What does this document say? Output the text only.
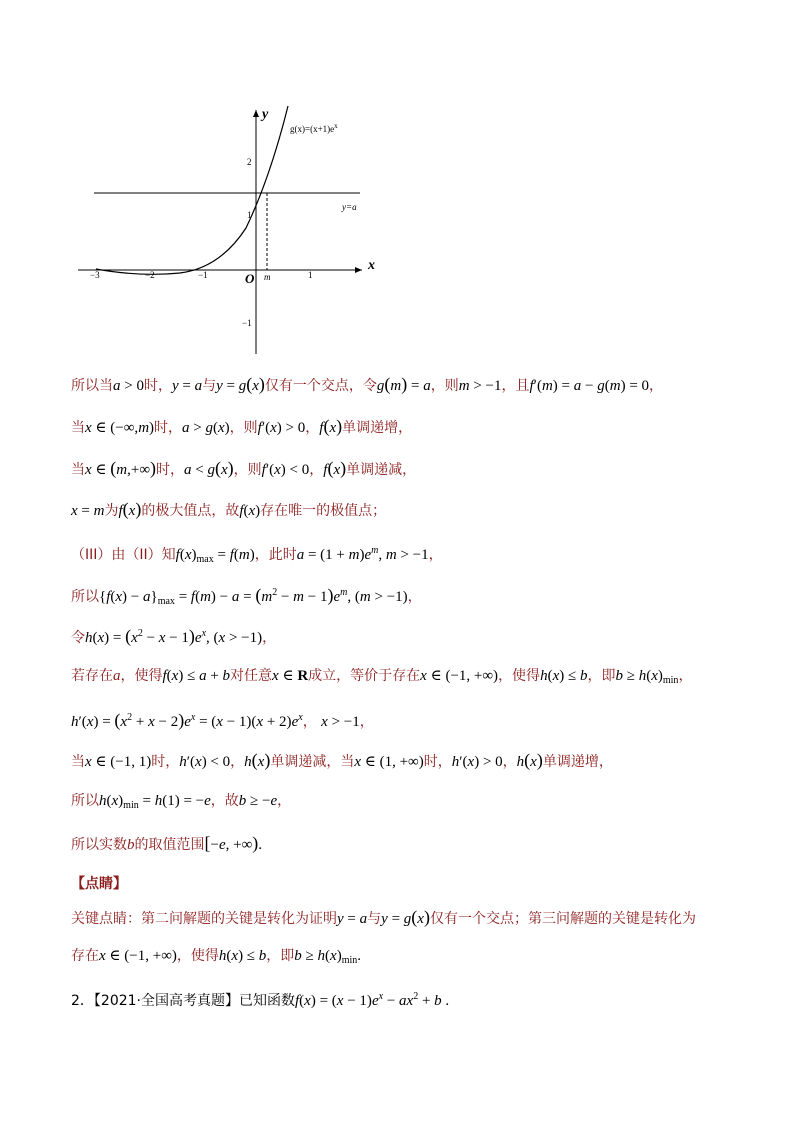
y
x
O
$g(x)=(x+1)e^x$
y=a
m
−3	−2	−1	1
2
1
−1
所以当a > 0时，y = a与y = g(x)仅有一个交点，令g(m) = a，则m > −1，且f′(m) = a − g(m) = 0，
当x ∈ (−∞,m)时，a > g(x)，则f′(x) > 0，f(x)单调递增，
当x ∈ (m,+∞)时，a < g(x)，则f′(x) < 0，f(x)单调递减，
x = m为f(x)的极大值点，故f(x)存在唯一的极值点；
（III）由（II）知$f(x)_{max} = f(m)$，此时$a = (1 + m)e^m$, m > −1，
所以$\{f(x) - a\}_{max} = f(m) - a = (m^2 - m - 1)e^m$, (m > −1)，
令$h(x) = (x^2 - x - 1)e^x$, (x > −1)，
若存在a，使得f(x) ≤ a + b对任意x ∈ R成立，等价于存在x ∈ (−1, +∞)，使得h(x) ≤ b，即$b \ge h(x)_{min}$，
$h'(x) = (x^2 + x - 2)e^x = (x - 1)(x + 2)e^x$， x > −1，
当x ∈ (−1, 1)时，h′(x) < 0，h(x)单调递减，当x ∈ (1, +∞)时，h′(x) > 0，h(x)单调递增，
所以$h(x)_{min} = h(1) = -e$，故b ≥ −e，
所以实数b的取值范围[−e, +∞).
【点睛】
关键点睛：第二问解题的关键是转化为证明y = a与y = g(x)仅有一个交点；第三问解题的关键是转化为
存在x ∈ (−1, +∞)，使得h(x) ≤ b，即$b \ge h(x)_{min}$.
2．【2021·全国高考真题】已知函数$f(x) = (x - 1)e^x - ax^2 + b$ .
